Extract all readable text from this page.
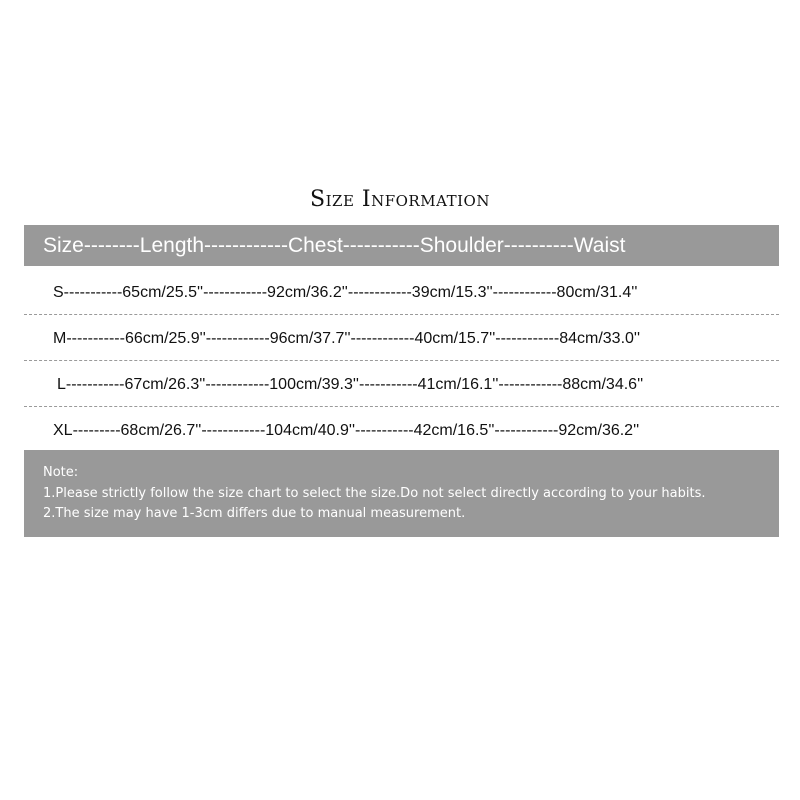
Size Information
Size--------Length------------Chest-----------Shoulder----------Waist
S-----------65cm/25.5''------------92cm/36.2''------------39cm/15.3''------------80cm/31.4''
M-----------66cm/25.9''------------96cm/37.7''------------40cm/15.7''------------84cm/33.0''
L-----------67cm/26.3''------------100cm/39.3''-----------41cm/16.1''------------88cm/34.6''
XL---------68cm/26.7''------------104cm/40.9''-----------42cm/16.5''------------92cm/36.2''
Note:
1.Please strictly follow the size chart to select the size.Do not select directly according to your habits.
2.The size may have 1-3cm differs due to manual measurement.
